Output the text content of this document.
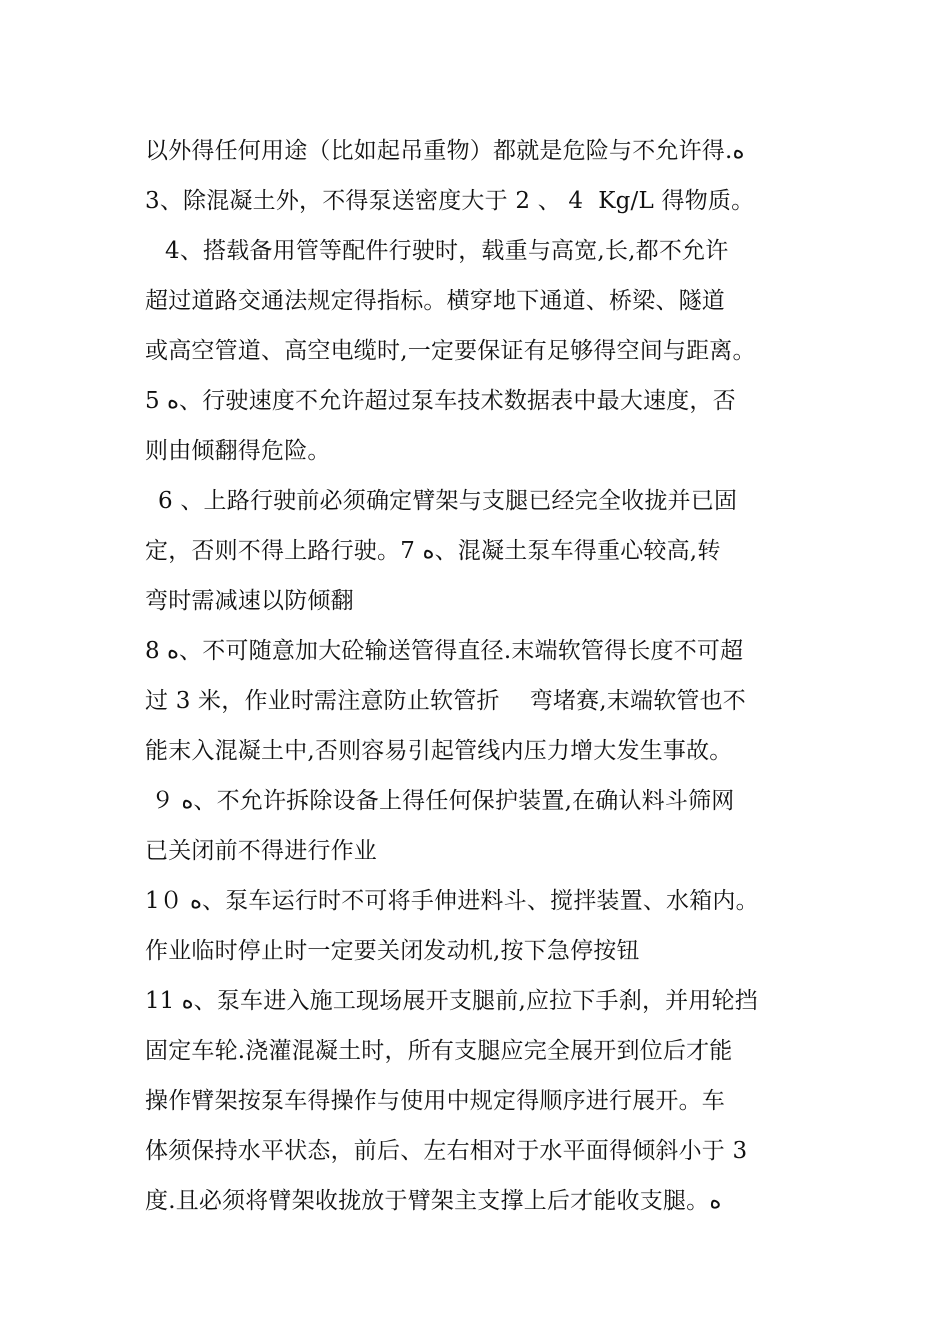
以外得任何用途（比如起吊重物）都就是危险与不允许得.ﻩ
3、除混凝土外，不得泵送密度大于 2 、 4  Kg/L 得物质。
4、搭载备用管等配件行驶时，载重与高宽,长,都不允许
超过道路交通法规定得指标。横穿地下通道、桥梁、隧道
或高空管道、高空电缆时,一定要保证有足够得空间与距离。
5 ﻩ、行驶速度不允许超过泵车技术数据表中最大速度，否
则由倾翻得危险。
6 、上路行驶前必须确定臂架与支腿已经完全收拢并已固
定，否则不得上路行驶。7 ﻩ、混凝土泵车得重心较高,转
弯时需减速以防倾翻
8 ﻩ、不可随意加大砼输送管得直径.末端软管得长度不可超
过 3 米，作业时需注意防止软管折    弯堵赛,末端软管也不
能末入混凝土中,否则容易引起管线内压力增大发生事故。
９ ﻩ、不允许拆除设备上得任何保护装置,在确认料斗筛网
已关闭前不得进行作业
1０ ﻩ、泵车运行时不可将手伸进料斗、搅拌装置、水箱内。
作业临时停止时一定要关闭发动机,按下急停按钮
11 ﻩ、泵车进入施工现场展开支腿前,应拉下手刹，并用轮挡
固定车轮.浇灌混凝土时，所有支腿应完全展开到位后才能
操作臂架按泵车得操作与使用中规定得顺序进行展开。车
体须保持水平状态，前后、左右相对于水平面得倾斜小于 3
度.且必须将臂架收拢放于臂架主支撑上后才能收支腿。ﻩ
